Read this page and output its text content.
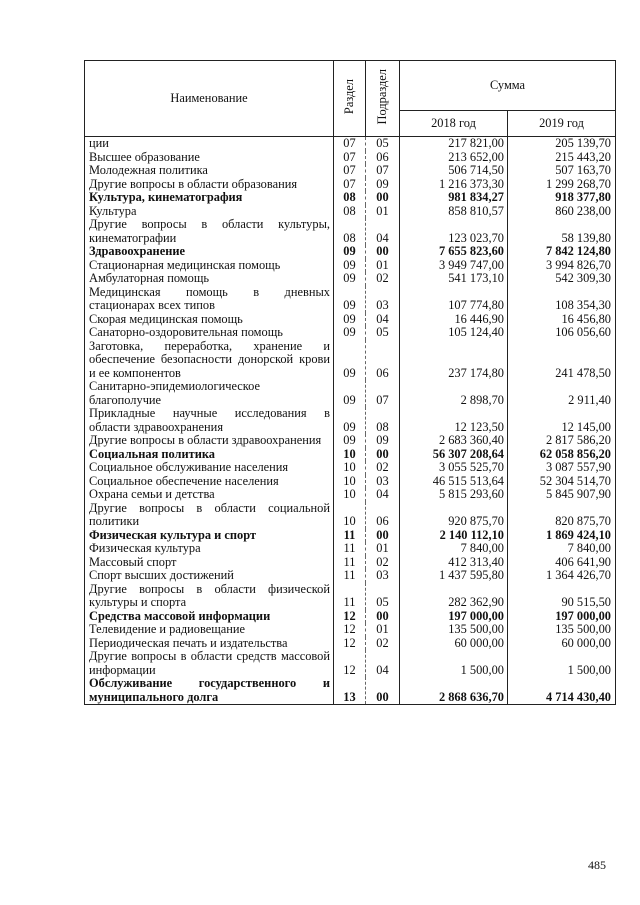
Наименование	Раздел	Подраздел	Сумма	
			2018 год	2019 год
ции	07	05	217 821,00	205 139,70
Высшее образование	07	06	213 652,00	215 443,20
Молодежная политика	07	07	506 714,50	507 163,70
Другие вопросы в области образования	07	09	1 216 373,30	1 299 268,70
Культура, кинематография	08	00	981 834,27	918 377,80
Культура	08	01	858 810,57	860 238,00
Другие вопросы в области культуры, кинематографии	08	04	123 023,70	58 139,80
Здравоохранение	09	00	7 655 823,60	7 842 124,80
Стационарная медицинская помощь	09	01	3 949 747,00	3 994 826,70
Амбулаторная помощь	09	02	541 173,10	542 309,30
Медицинская помощь в дневных стационарах всех типов	09	03	107 774,80	108 354,30
Скорая медицинская помощь	09	04	16 446,90	16 456,80
Санаторно-оздоровительная помощь	09	05	105 124,40	106 056,60
Заготовка, переработка, хранение и обеспечение безопасности донорской крови и ее компонентов	09	06	237 174,80	241 478,50
Санитарно-эпидемиологическое благополучие	09	07	2 898,70	2 911,40
Прикладные научные исследования в области здравоохранения	09	08	12 123,50	12 145,00
Другие вопросы в области здравоохранения	09	09	2 683 360,40	2 817 586,20
Социальная политика	10	00	56 307 208,64	62 058 856,20
Социальное обслуживание населения	10	02	3 055 525,70	3 087 557,90
Социальное обеспечение населения	10	03	46 515 513,64	52 304 514,70
Охрана семьи и детства	10	04	5 815 293,60	5 845 907,90
Другие вопросы в области социальной политики	10	06	920 875,70	820 875,70
Физическая культура и спорт	11	00	2 140 112,10	1 869 424,10
Физическая культура	11	01	7 840,00	7 840,00
Массовый спорт	11	02	412 313,40	406 641,90
Спорт высших достижений	11	03	1 437 595,80	1 364 426,70
Другие вопросы в области физической культуры и спорта	11	05	282 362,90	90 515,50
Средства массовой информации	12	00	197 000,00	197 000,00
Телевидение и радиовещание	12	01	135 500,00	135 500,00
Периодическая печать и издательства	12	02	60 000,00	60 000,00
Другие вопросы в области средств массовой информации	12	04	1 500,00	1 500,00
Обслуживание государственного и муниципального долга	13	00	2 868 636,70	4 714 430,40
485
